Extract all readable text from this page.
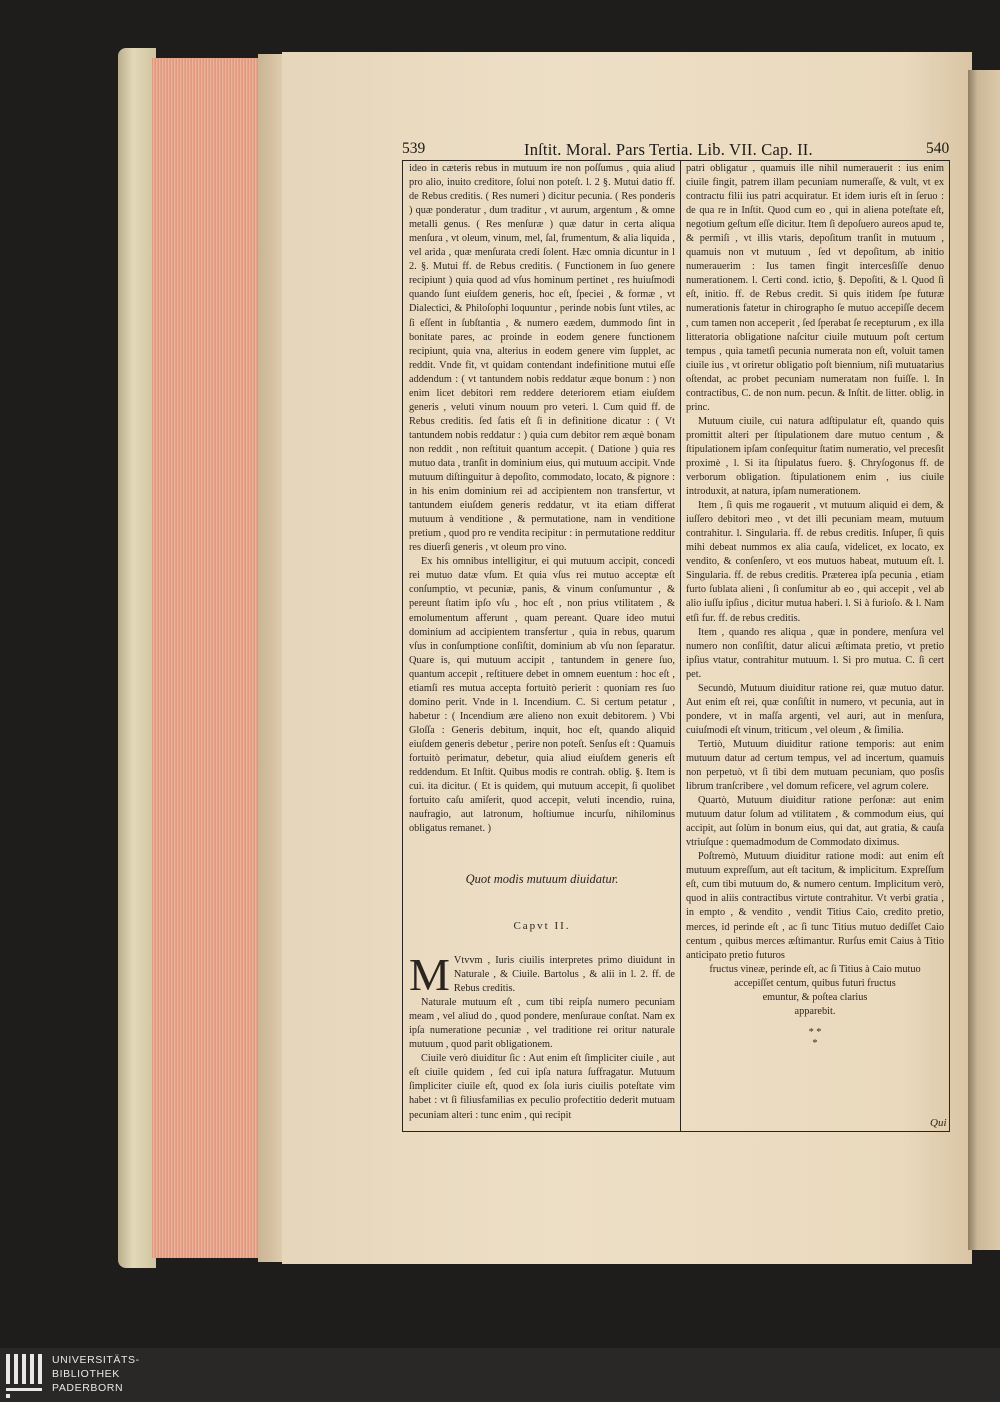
539	Inſtit. Moral. Pars Tertia. Lib. VII. Cap. II.	540

ideo in cæteris rebus in mutuum ire non poſſumus , quia aliud pro alio, inuito creditore, ſolui non poteſt. l. 2 §. Mutui datio ff. de Rebus creditis. ( Res numeri ) dicitur pecunia. ( Res ponderis ) quæ ponderatur , dum traditur , vt aurum, argentum , & omne metalli genus. ( Res menſuræ ) quæ datur in certa aliqua menſura , vt oleum, vinum, mel, ſal, frumentum, & alia liquida , vel arida , quæ menſurata credi ſolent. Hæc omnia dicuntur in l 2. §. Mutui ff. de Rebus creditis. ( Functionem in ſuo genere recipiunt ) quia quod ad vſus hominum pertinet , res huiuſmodi quando ſunt eiuſdem generis, hoc eſt, ſpeciei , & formæ , vt Dialectici, & Philoſophi loquuntur , perinde nobis ſunt vtiles, ac ſi eſſent in ſubſtantia , & numero eædem, dummodo ſint in bonitate pares, ac proinde in eodem genere functionem recipiunt, quia vna, alterius in eodem genere vim ſupplet, ac reddit. Vnde fit, vt quidam contendant indefinitione mutui eſſe addendum : ( vt tantundem nobis reddatur æque bonum : ) non enim licet debitori rem reddere deteriorem etiam eiuſdem generis , veluti vinum nouum pro veteri. l. Cum quid ff. de Rebus creditis. ſed ſatis eſt ſi in definitione dicatur : ( Vt tantundem nobis reddatur : ) quia cum debitor rem æquè bonam non reddit , non reſtituit quantum accepit. ( Datione ) quia res mutuo data , tranſit in dominium eius, qui mutuum accipit. Vnde mutuum diſtinguitur à depoſito, commodato, locato, & pignore : in his enim dominium rei ad accipientem non transfertur, vt tantundem eiuſdem generis reddatur, vt ita etiam differat mutuum à venditione , & permutatione, nam in venditione pretium , quod pro re vendita recipitur : in permutatione redditur res diuerſi generis , vt oleum pro vino.

Ex his omnibus intelligitur, ei qui mutuum accipit, concedi rei mutuo datæ vſum. Et quia vſus rei mutuo acceptæ eſt conſumptio, vt pecuniæ, panis, & vinum conſumuntur , & pereunt ſtatim ipſo vſu , hoc eſt , non prius vtilitatem , & emolumentum afferunt , quam pereant. Quare ideo mutui dominium ad accipientem transfertur , quia in rebus, quarum vſus in conſumptione conſiſtit, dominium ab vſu non ſeparatur. Quare is, qui mutuum accipit , tantundem in genere ſuo, quantum accepit , reſtituere debet in omnem euentum : hoc eſt , etiamſi res mutua accepta fortuitò perierit : quoniam res ſuo domino perit. Vnde in l. Incendium. C. Si certum petatur , habetur : ( Incendium ære alieno non exuit debitorem. ) Vbi Gloſſa : Generis debitum, inquit, hoc eſt, quando aliquid eiuſdem generis debetur , perire non poteſt. Senſus eſt : Quamuis fortuitò perimatur, debetur, quia aliud eiuſdem generis eſt reddendum. Et Inſtit. Quibus modis re contrah. oblig. §. Item is cui. ita dicitur. ( Et is quidem, qui mutuum accepit, ſi quolibet fortuito caſu amiſerit, quod accepit, veluti incendio, ruina, naufragio, aut latronum, hoſtiumue incurſu, nihilominus obligatus remanet. )

Quot modis mutuum diuidatur.
Capvt II.

M Vtvvm , Iuris ciuilis interpretes primo diuidunt in Naturale , & Ciuile. Bartolus , & alii in l. 2. ff. de Rebus creditis.

Naturale mutuum eſt , cum tibi reipſa numero pecuniam meam , vel aliud do , quod pondere, menſuraue conſtat. Nam ex ipſa numeratione pecuniæ , vel traditione rei oritur naturale mutuum , quod parit obligationem.

Ciuile verò diuiditur ſic : Aut enim eſt ſimpliciter ciuile , aut eſt ciuile quidem , ſed cui ipſa natura ſuffragatur. Mutuum ſimpliciter ciuile eſt, quod ex ſola iuris ciuilis poteſtate vim habet : vt ſi filiusfamilias ex peculio profectitio dederit mutuam pecuniam alteri : tunc enim , qui recipit

patri obligatur , quamuis ille nihil numerauerit : ius enim ciuile fingit, patrem illam pecuniam numeraſſe, & vult, vt ex contractu filii ius patri acquiratur. Et idem iuris eſt in ſeruo : de qua re in Inſtit. Quod cum eo , qui in aliena poteſtate eſt, negotium geſtum eſſe dicitur. Item ſi depoſuero aureos apud te, & permiſi , vt illis vtaris, depoſitum tranſit in mutuum , quamuis non vt mutuum , ſed vt depoſitum, ab initio numerauerim : Ius tamen fingit intercesſiſſe denuo numerationem. l. Certi cond. ictio, §. Depoſiti, & l. Quod ſi eſt, initio. ff. de Rebus credit. Si quis itidem ſpe futuræ numerationis fatetur in chirographo ſe mutuo accepiſſe decem , cum tamen non acceperit , ſed ſperabat ſe recepturum , ex illa litteratoria obligatione naſcitur ciuile mutuum poſt certum tempus , quia tametſi pecunia numerata non eſt, voluit tamen ciuile ius , vt oriretur obligatio poſt biennium, niſi mutuatarius oſtendat, ac probet pecuniam numeratam non fuiſſe. l. In contractibus, C. de non num. pecun. & Inſtit. de litter. oblig. in princ.

Mutuum ciuile, cui natura adſtipulatur eſt, quando quis promittit alteri per ſtipulationem dare mutuo centum , & ſtipulationem ipſam conſequitur ſtatim numeratio, vel precesſit proximè , l. Si ita ſtipulatus fuero. §. Chryſogonus ff. de verborum obligation. ſtipulationem enim , ius ciuile introduxit, at natura, ipſam numerationem.

Item , ſi quis me rogauerit , vt mutuum aliquid ei dem, & iuſſero debitori meo , vt det illi pecuniam meam, mutuum contrahitur. l. Singularia. ff. de rebus creditis. Inſuper, ſi quis mihi debeat nummos ex alia cauſa, videlicet, ex locato, ex vendito, & conſenſero, vt eos mutuos habeat, mutuum eſt. l. Singularia. ff. de rebus creditis. Præterea ipſa pecunia , etiam furto ſublata alieni , ſi conſumitur ab eo , qui accepit , vel ab alio iuſſu ipſius , dicitur mutua haberi. l. Si à furioſo. & l. Nam etſi fur. ff. de rebus creditis.

Item , quando res aliqua , quæ in pondere, menſura vel numero non conſiſtit, datur alicui æſtimata pretio, vt pretio ipſius vtatur, contrahitur mutuum. l. Si pro mutua. C. ſi cert pet.

Secundò, Mutuum diuiditur ratione rei, quæ mutuo datur. Aut enim eſt rei, quæ conſiſtit in numero, vt pecunia, aut in pondere, vt in maſſa argenti, vel auri, aut in menſura, cuiuſmodi eſt vinum, triticum , vel oleum , & ſimilia.

Tertiò, Mutuum diuiditur ratione temporis: aut enim mutuum datur ad certum tempus, vel ad incertum, quamuis non perpetuò, vt ſi tibi dem mutuam pecuniam, quo posſis librum tranſcribere , vel domum reficere, vel agrum colere.

Quartò, Mutuum diuiditur ratione perſonæ: aut enim mutuum datur ſolum ad vtilitatem , & commodum eius, qui accipit, aut ſolùm in bonum eius, qui dat, aut gratia, & cauſa vtriuſque : quemadmodum de Commodato diximus.

Poſtremò, Mutuum diuiditur ratione modi: aut enim eſt mutuum expreſſum, aut eſt tacitum, & implicitum. Expreſſum eſt, cum tibi mutuum do, & numero centum. Implicitum verò, quod in aliis contractibus virtute contrahitur. Vt verbi gratia , in empto , & vendito , vendit Titius Caio, credito pretio, merces, id perinde eſt , ac ſi tunc Titius mutuo dediſſet Caio centum , quibus merces æſtimantur. Rurſus emit Caius à Titio anticipato pretio futuros

fructus vineæ, perinde eſt, ac ſi Titius à Caio mutuo
accepiſſet centum, quibus futuri fructus
emuntur, & poſtea clarius
apparebit.
* *
*
Qui
UNIVERSITÄTS-
BIBLIOTHEK
PADERBORN
